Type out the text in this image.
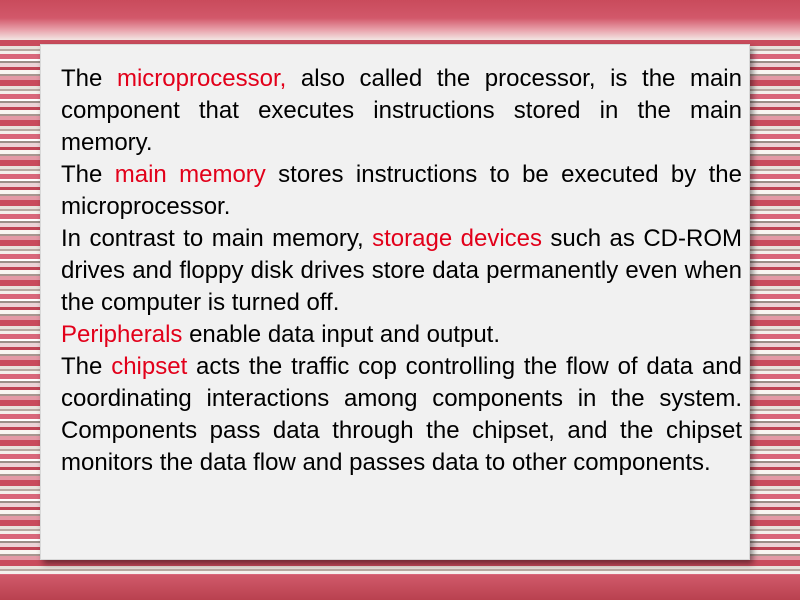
The microprocessor, also called the processor, is the main component that executes instructions stored in the main memory.

The main memory stores instructions to be executed by the microprocessor.

In contrast to main memory, storage devices such as CD-ROM drives and floppy disk drives store data permanently even when the computer is turned off.

Peripherals enable data input and output.

The chipset acts the traffic cop controlling the flow of data and coordinating interactions among components in the system. Components pass data through the chipset, and the chipset monitors the data flow and passes data to other components.
